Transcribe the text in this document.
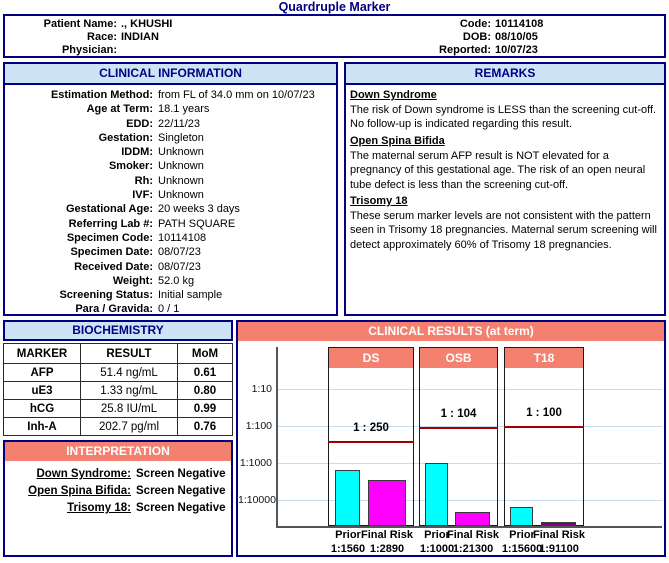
Quardruple Marker
Patient Name: ., KHUSHI
Race: INDIAN
Physician:
Code: 10114108
DOB: 08/10/05
Reported: 10/07/23
CLINICAL INFORMATION
Estimation Method: from FL of 34.0 mm on 10/07/23
Age at Term: 18.1 years
EDD: 22/11/23
Gestation: Singleton
IDDM: Unknown
Smoker: Unknown
Rh: Unknown
IVF: Unknown
Gestational Age: 20 weeks 3 days
Referring Lab #: PATH SQUARE
Specimen Code: 10114108
Specimen Date: 08/07/23
Received Date: 08/07/23
Weight: 52.0 kg
Screening Status: Initial sample
Para / Gravida: 0 / 1
REMARKS
Down Syndrome

The risk of Down syndrome is LESS than the screening cut-off. No follow-up is indicated regarding this result.

Open Spina Bifida

The maternal serum AFP result is NOT elevated for a pregnancy of this gestational age. The risk of an open neural tube defect is less than the screening cut-off.

Trisomy 18

These serum marker levels are not consistent with the pattern seen in Trisomy 18 pregnancies. Maternal serum screening will detect approximately 60% of Trisomy 18 pregnancies.

BIOCHEMISTRY
MARKER	RESULT	MoM
AFP	51.4 ng/mL	0.61
uE3	1.33 ng/mL	0.80
hCG	25.8 IU/mL	0.99
Inh-A	202.7 pg/ml	0.76
INTERPRETATION
Down Syndrome: Screen Negative
Open Spina Bifida: Screen Negative
Trisomy 18: Screen Negative
CLINICAL RESULTS (at term)
1:10
1:100
1:1000
1:10000
DS
1 : 250
Prior
1:1560
Final Risk
1:2890
OSB
1 : 104
Prior
1:1000
Final Risk
1:21300
T18
1 : 100
Prior
1:15600
Final Risk
1:91100
